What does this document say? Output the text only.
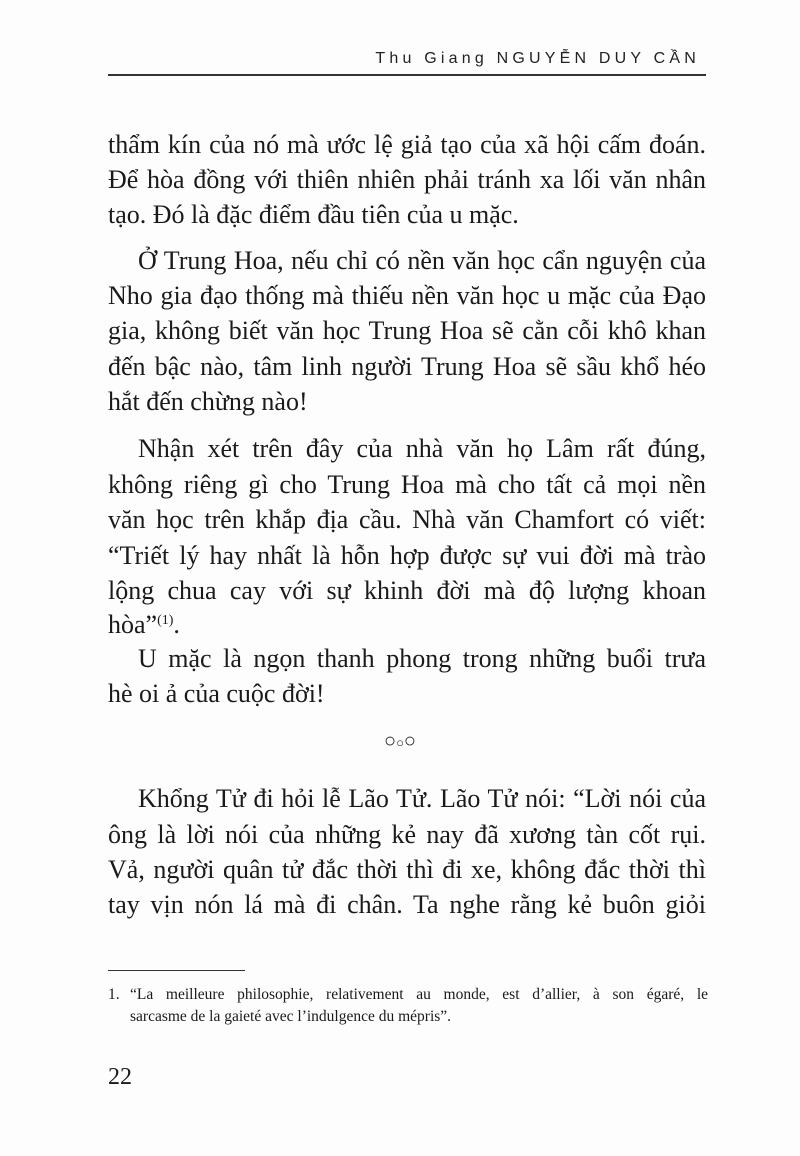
Thu Giang NGUYỄN DUY CẦN
thẩm kín của nó mà ước lệ giả tạo của xã hội cấm đoán.
Để hòa đồng với thiên nhiên phải tránh xa lối văn nhân
tạo. Đó là đặc điểm đầu tiên của u mặc.
Ở Trung Hoa, nếu chỉ có nền văn học cẩn nguyện của
Nho gia đạo thống mà thiếu nền văn học u mặc của Đạo
gia, không biết văn học Trung Hoa sẽ cằn cỗi khô khan
đến bậc nào, tâm linh người Trung Hoa sẽ sầu khổ héo
hắt đến chừng nào!
Nhận xét trên đây của nhà văn họ Lâm rất đúng,
không riêng gì cho Trung Hoa mà cho tất cả mọi nền
văn học trên khắp địa cầu. Nhà văn Chamfort có viết:
“Triết lý hay nhất là hỗn hợp được sự vui đời mà trào
lộng chua cay với sự khinh đời mà độ lượng khoan
hòa”$^{(1)}$.
U mặc là ngọn thanh phong trong những buổi trưa
hè oi ả của cuộc đời!
○○○
Khổng Tử đi hỏi lễ Lão Tử. Lão Tử nói: “Lời nói của
ông là lời nói của những kẻ nay đã xương tàn cốt rụi.
Vả, người quân tử đắc thời thì đi xe, không đắc thời thì
tay vịn nón lá mà đi chân. Ta nghe rằng kẻ buôn giỏi
1. “La meilleure philosophie, relativement au monde, est d’allier, à son égaré, le
sarcasme de la gaieté avec l’indulgence du mépris”.
22
